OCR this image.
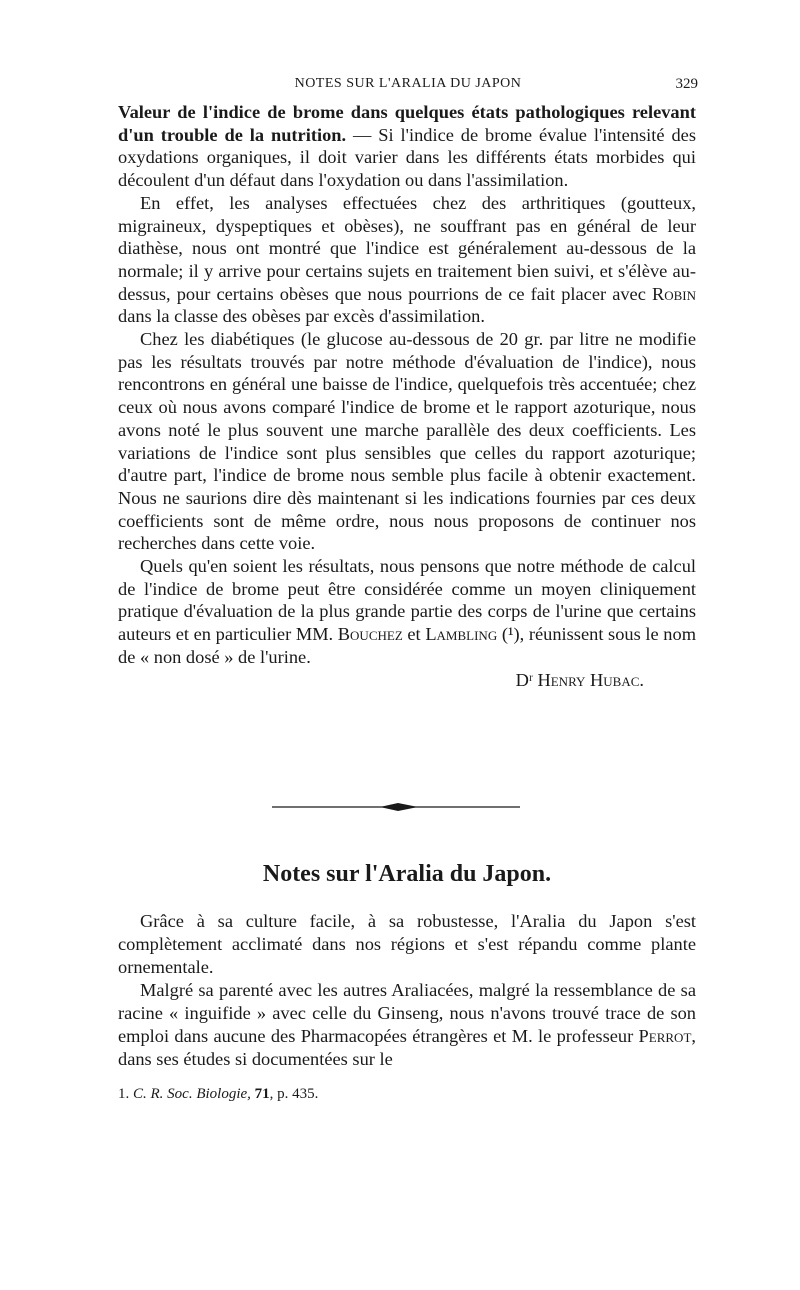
NOTES SUR L'ARALIA DU JAPON	329

Valeur de l'indice de brome dans quelques états pathologiques relevant d'un trouble de la nutrition. — Si l'indice de brome évalue l'intensité des oxydations organiques, il doit varier dans les différents états morbides qui découlent d'un défaut dans l'oxydation ou dans l'assimilation.

En effet, les analyses effectuées chez des arthritiques (goutteux, migraineux, dyspeptiques et obèses), ne souffrant pas en général de leur diathèse, nous ont montré que l'indice est généralement au-dessous de la normale; il y arrive pour certains sujets en traitement bien suivi, et s'élève au-dessus, pour certains obèses que nous pourrions de ce fait placer avec Robin dans la classe des obèses par excès d'assimilation.

Chez les diabétiques (le glucose au-dessous de 20 gr. par litre ne modifie pas les résultats trouvés par notre méthode d'évaluation de l'indice), nous rencontrons en général une baisse de l'indice, quelquefois très accentuée; chez ceux où nous avons comparé l'indice de brome et le rapport azoturique, nous avons noté le plus souvent une marche parallèle des deux coefficients. Les variations de l'indice sont plus sensibles que celles du rapport azoturique; d'autre part, l'indice de brome nous semble plus facile à obtenir exactement. Nous ne saurions dire dès maintenant si les indications fournies par ces deux coefficients sont de même ordre, nous nous proposons de continuer nos recherches dans cette voie.

Quels qu'en soient les résultats, nous pensons que notre méthode de calcul de l'indice de brome peut être considérée comme un moyen cliniquement pratique d'évaluation de la plus grande partie des corps de l'urine que certains auteurs et en particulier MM. Bouchez et Lambling (¹), réunissent sous le nom de « non dosé » de l'urine.

Dʳ Henry Hubac.

Notes sur l'Aralia du Japon.

Grâce à sa culture facile, à sa robustesse, l'Aralia du Japon s'est complètement acclimaté dans nos régions et s'est répandu comme plante ornementale.

Malgré sa parenté avec les autres Araliacées, malgré la ressemblance de sa racine « inguifide » avec celle du Ginseng, nous n'avons trouvé trace de son emploi dans aucune des Pharmacopées étrangères et M. le professeur Perrot, dans ses études si documentées sur le

1. C. R. Soc. Biologie, 71, p. 435.
